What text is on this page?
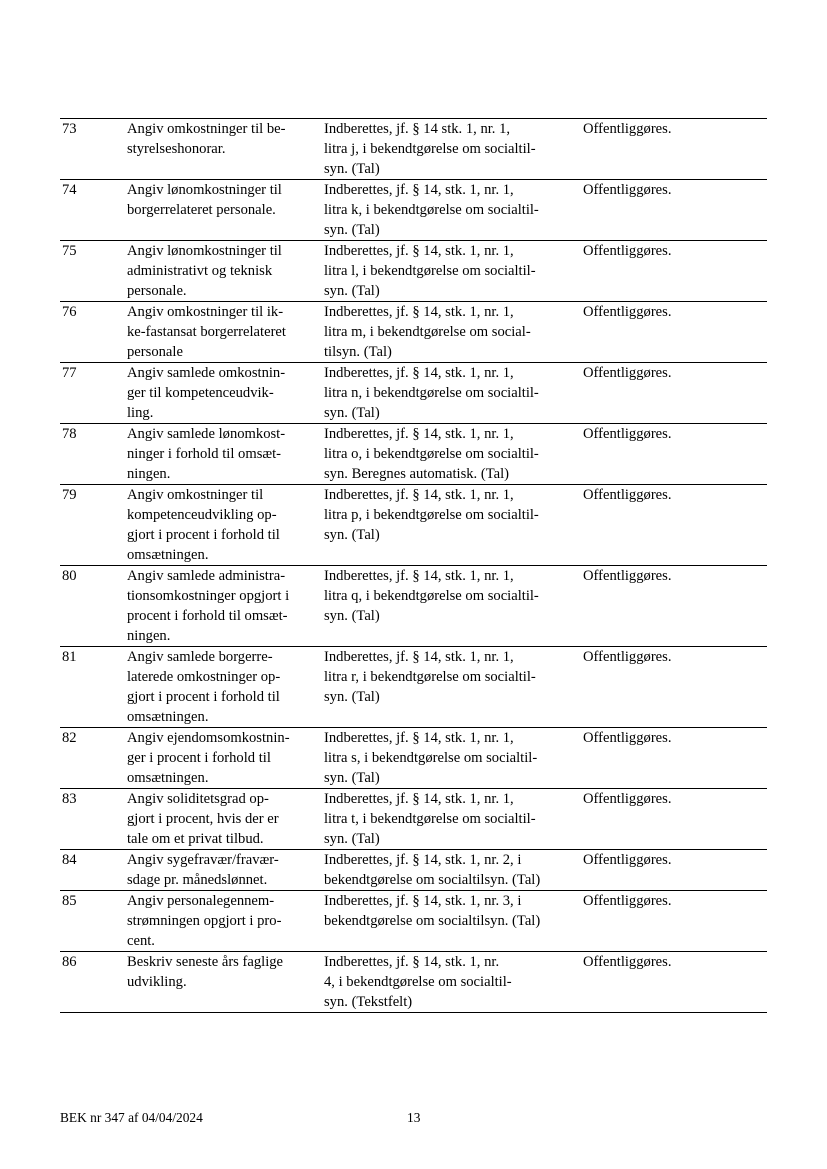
73	Angiv omkostninger til be-
styrelseshonorar.	Indberettes, jf. § 14 stk. 1, nr. 1,
litra j, i bekendtgørelse om socialtil-
syn. (Tal)	Offentliggøres.
74	Angiv lønomkostninger til
borgerrelateret personale.	Indberettes, jf. § 14, stk. 1, nr. 1,
litra k, i bekendtgørelse om socialtil-
syn. (Tal)	Offentliggøres.
75	Angiv lønomkostninger til
administrativt og teknisk
personale.	Indberettes, jf. § 14, stk. 1, nr. 1,
litra l, i bekendtgørelse om socialtil-
syn. (Tal)	Offentliggøres.
76	Angiv omkostninger til ik-
ke-fastansat borgerrelateret
personale	Indberettes, jf. § 14, stk. 1, nr. 1,
litra m, i bekendtgørelse om social-
tilsyn. (Tal)	Offentliggøres.
77	Angiv samlede omkostnin-
ger til kompetenceudvik-
ling.	Indberettes, jf. § 14, stk. 1, nr. 1,
litra n, i bekendtgørelse om socialtil-
syn. (Tal)	Offentliggøres.
78	Angiv samlede lønomkost-
ninger i forhold til omsæt-
ningen.	Indberettes, jf. § 14, stk. 1, nr. 1,
litra o, i bekendtgørelse om socialtil-
syn. Beregnes automatisk. (Tal)	Offentliggøres.
79	Angiv omkostninger til
kompetenceudvikling op-
gjort i procent i forhold til
omsætningen.	Indberettes, jf. § 14, stk. 1, nr. 1,
litra p, i bekendtgørelse om socialtil-
syn. (Tal)	Offentliggøres.
80	Angiv samlede administra-
tionsomkostninger opgjort i
procent i forhold til omsæt-
ningen.	Indberettes, jf. § 14, stk. 1, nr. 1,
litra q, i bekendtgørelse om socialtil-
syn. (Tal)	Offentliggøres.
81	Angiv samlede borgerre-
laterede omkostninger op-
gjort i procent i forhold til
omsætningen.	Indberettes, jf. § 14, stk. 1, nr. 1,
litra r, i bekendtgørelse om socialtil-
syn. (Tal)	Offentliggøres.
82	Angiv ejendomsomkostnin-
ger i procent i forhold til
omsætningen.	Indberettes, jf. § 14, stk. 1, nr. 1,
litra s, i bekendtgørelse om socialtil-
syn. (Tal)	Offentliggøres.
83	Angiv soliditetsgrad op-
gjort i procent, hvis der er
tale om et privat tilbud.	Indberettes, jf. § 14, stk. 1, nr. 1,
litra t, i bekendtgørelse om socialtil-
syn. (Tal)	Offentliggøres.
84	Angiv sygefravær/fravær-
sdage pr. månedslønnet.	Indberettes, jf. § 14, stk. 1, nr. 2, i
bekendtgørelse om socialtilsyn. (Tal)	Offentliggøres.
85	Angiv personalegennem-
strømningen opgjort i pro-
cent.	Indberettes, jf. § 14, stk. 1, nr. 3, i
bekendtgørelse om socialtilsyn. (Tal)	Offentliggøres.
86	Beskriv seneste års faglige
udvikling.	Indberettes, jf. § 14, stk. 1, nr.
4, i bekendtgørelse om socialtil-
syn. (Tekstfelt)	Offentliggøres.
BEK nr 347 af 04/04/2024	13
